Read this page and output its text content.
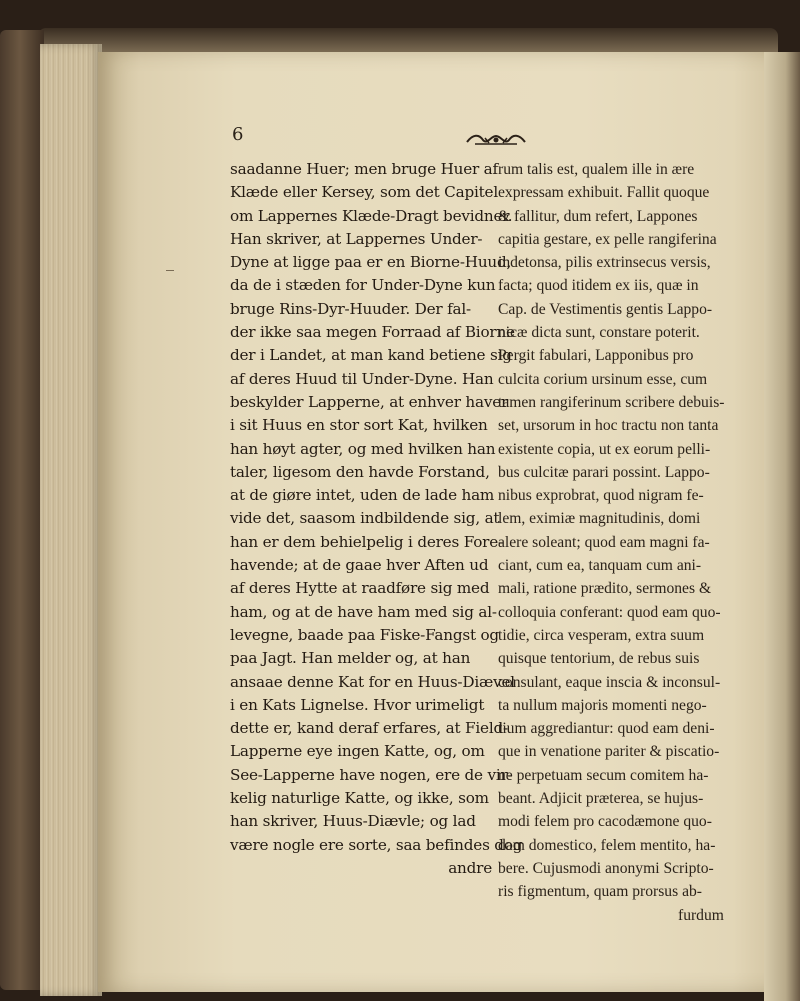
6
saadanne Huer; men bruge Huer af
Klæde eller Kersey, som det Capitel
om Lappernes Klæde-Dragt bevidner.
Han skriver, at Lappernes Under-
Dyne at ligge paa er en Biorne-Huud,
da de i stæden for Under-Dyne kun
bruge Rins-Dyr-Huuder. Der fal-
der ikke saa megen Forraad af Biorne
der i Landet, at man kand betiene sig
af deres Huud til Under-Dyne. Han
beskylder Lapperne, at enhver haver
i sit Huus en stor sort Kat, hvilken
han høyt agter, og med hvilken han
taler, ligesom den havde Forstand,
at de giøre intet, uden de lade ham
vide det, saasom indbildende sig, at
han er dem behielpelig i deres Fore-
havende; at de gaae hver Aften ud
af deres Hytte at raadføre sig med
ham, og at de have ham med sig al-
levegne, baade paa Fiske-Fangst og
paa Jagt. Han melder og, at han
ansaae denne Kat for en Huus-Diævel
i en Kats Lignelse. Hvor urimeligt
dette er, kand deraf erfares, at Field-
Lapperne eye ingen Katte, og, om
See-Lapperne have nogen, ere de vir-
kelig naturlige Katte, og ikke, som
han skriver, Huus-Diævle; og lad
være nogle ere sorte, saa befindes dog
andre
rum talis est, qualem ille in ære
expressam exhibuit. Fallit quoque
& fallitur, dum refert, Lappones
capitia gestare, ex pelle rangiferina
indetonsa, pilis extrinsecus versis,
facta; quod itidem ex iis, quæ in
Cap. de Vestimentis gentis Lappo-
nicæ dicta sunt, constare poterit.
Pergit fabulari, Lapponibus pro
culcita corium ursinum esse, cum
tamen rangiferinum scribere debuis-
set, ursorum in hoc tractu non tanta
existente copia, ut ex eorum pelli-
bus culcitæ parari possint. Lappo-
nibus exprobrat, quod nigram fe-
lem, eximiæ magnitudinis, domi
alere soleant; quod eam magni fa-
ciant, cum ea, tanquam cum ani-
mali, ratione prædito, sermones &
colloquia conferant: quod eam quo-
tidie, circa vesperam, extra suum
quisque tentorium, de rebus suis
consulant, eaque inscia & inconsul-
ta nullum majoris momenti nego-
tium aggrediantur: quod eam deni-
que in venatione pariter & piscatio-
ne perpetuam secum comitem ha-
beant. Adjicit præterea, se hujus-
modi felem pro cacodæmone quo-
dam domestico, felem mentito, ha-
bere. Cujusmodi anonymi Scripto-
ris figmentum, quam prorsus ab-
furdum
